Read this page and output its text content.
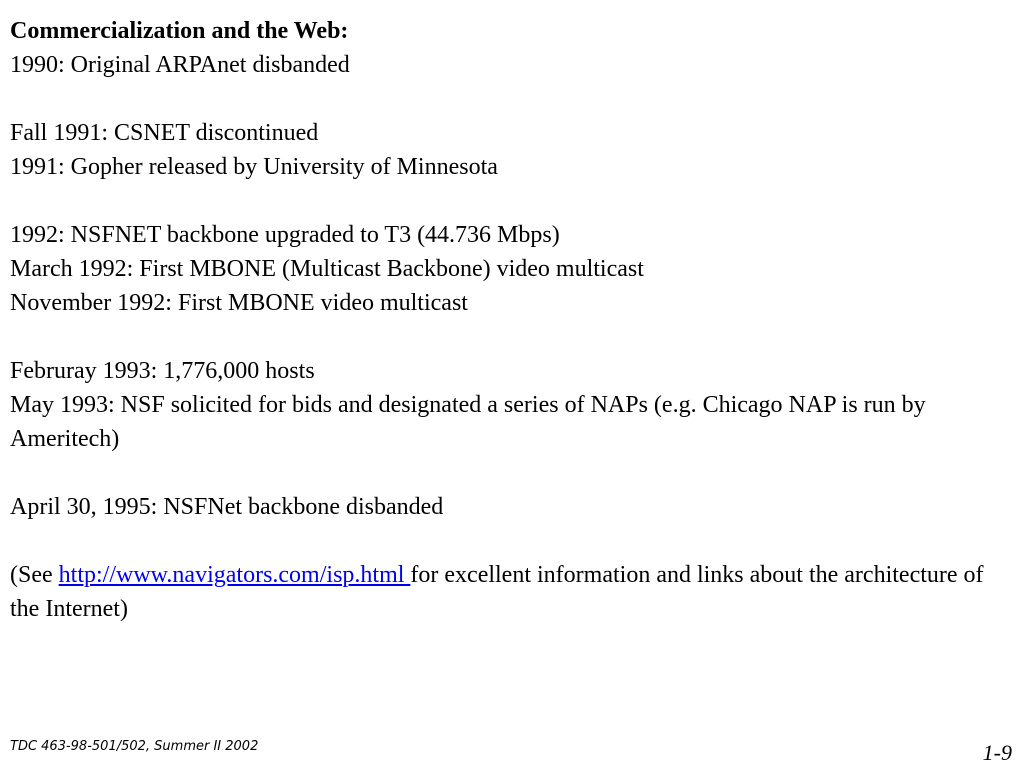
Commercialization and the Web:

1990: Original ARPAnet disbanded

Fall 1991: CSNET discontinued

1991: Gopher released by University of Minnesota

1992: NSFNET backbone upgraded to T3 (44.736 Mbps)

March 1992: First MBONE (Multicast Backbone) video multicast

November 1992: First MBONE video multicast

Februray 1993: 1,776,000 hosts

May 1993: NSF solicited for bids and designated a series of NAPs (e.g. Chicago NAP is run by Ameritech)

April 30, 1995: NSFNet backbone disbanded

(See http://www.navigators.com/isp.html for excellent information and links about the architecture of the Internet)

TDC 463-98-501/502, Summer II 2002	1-9
